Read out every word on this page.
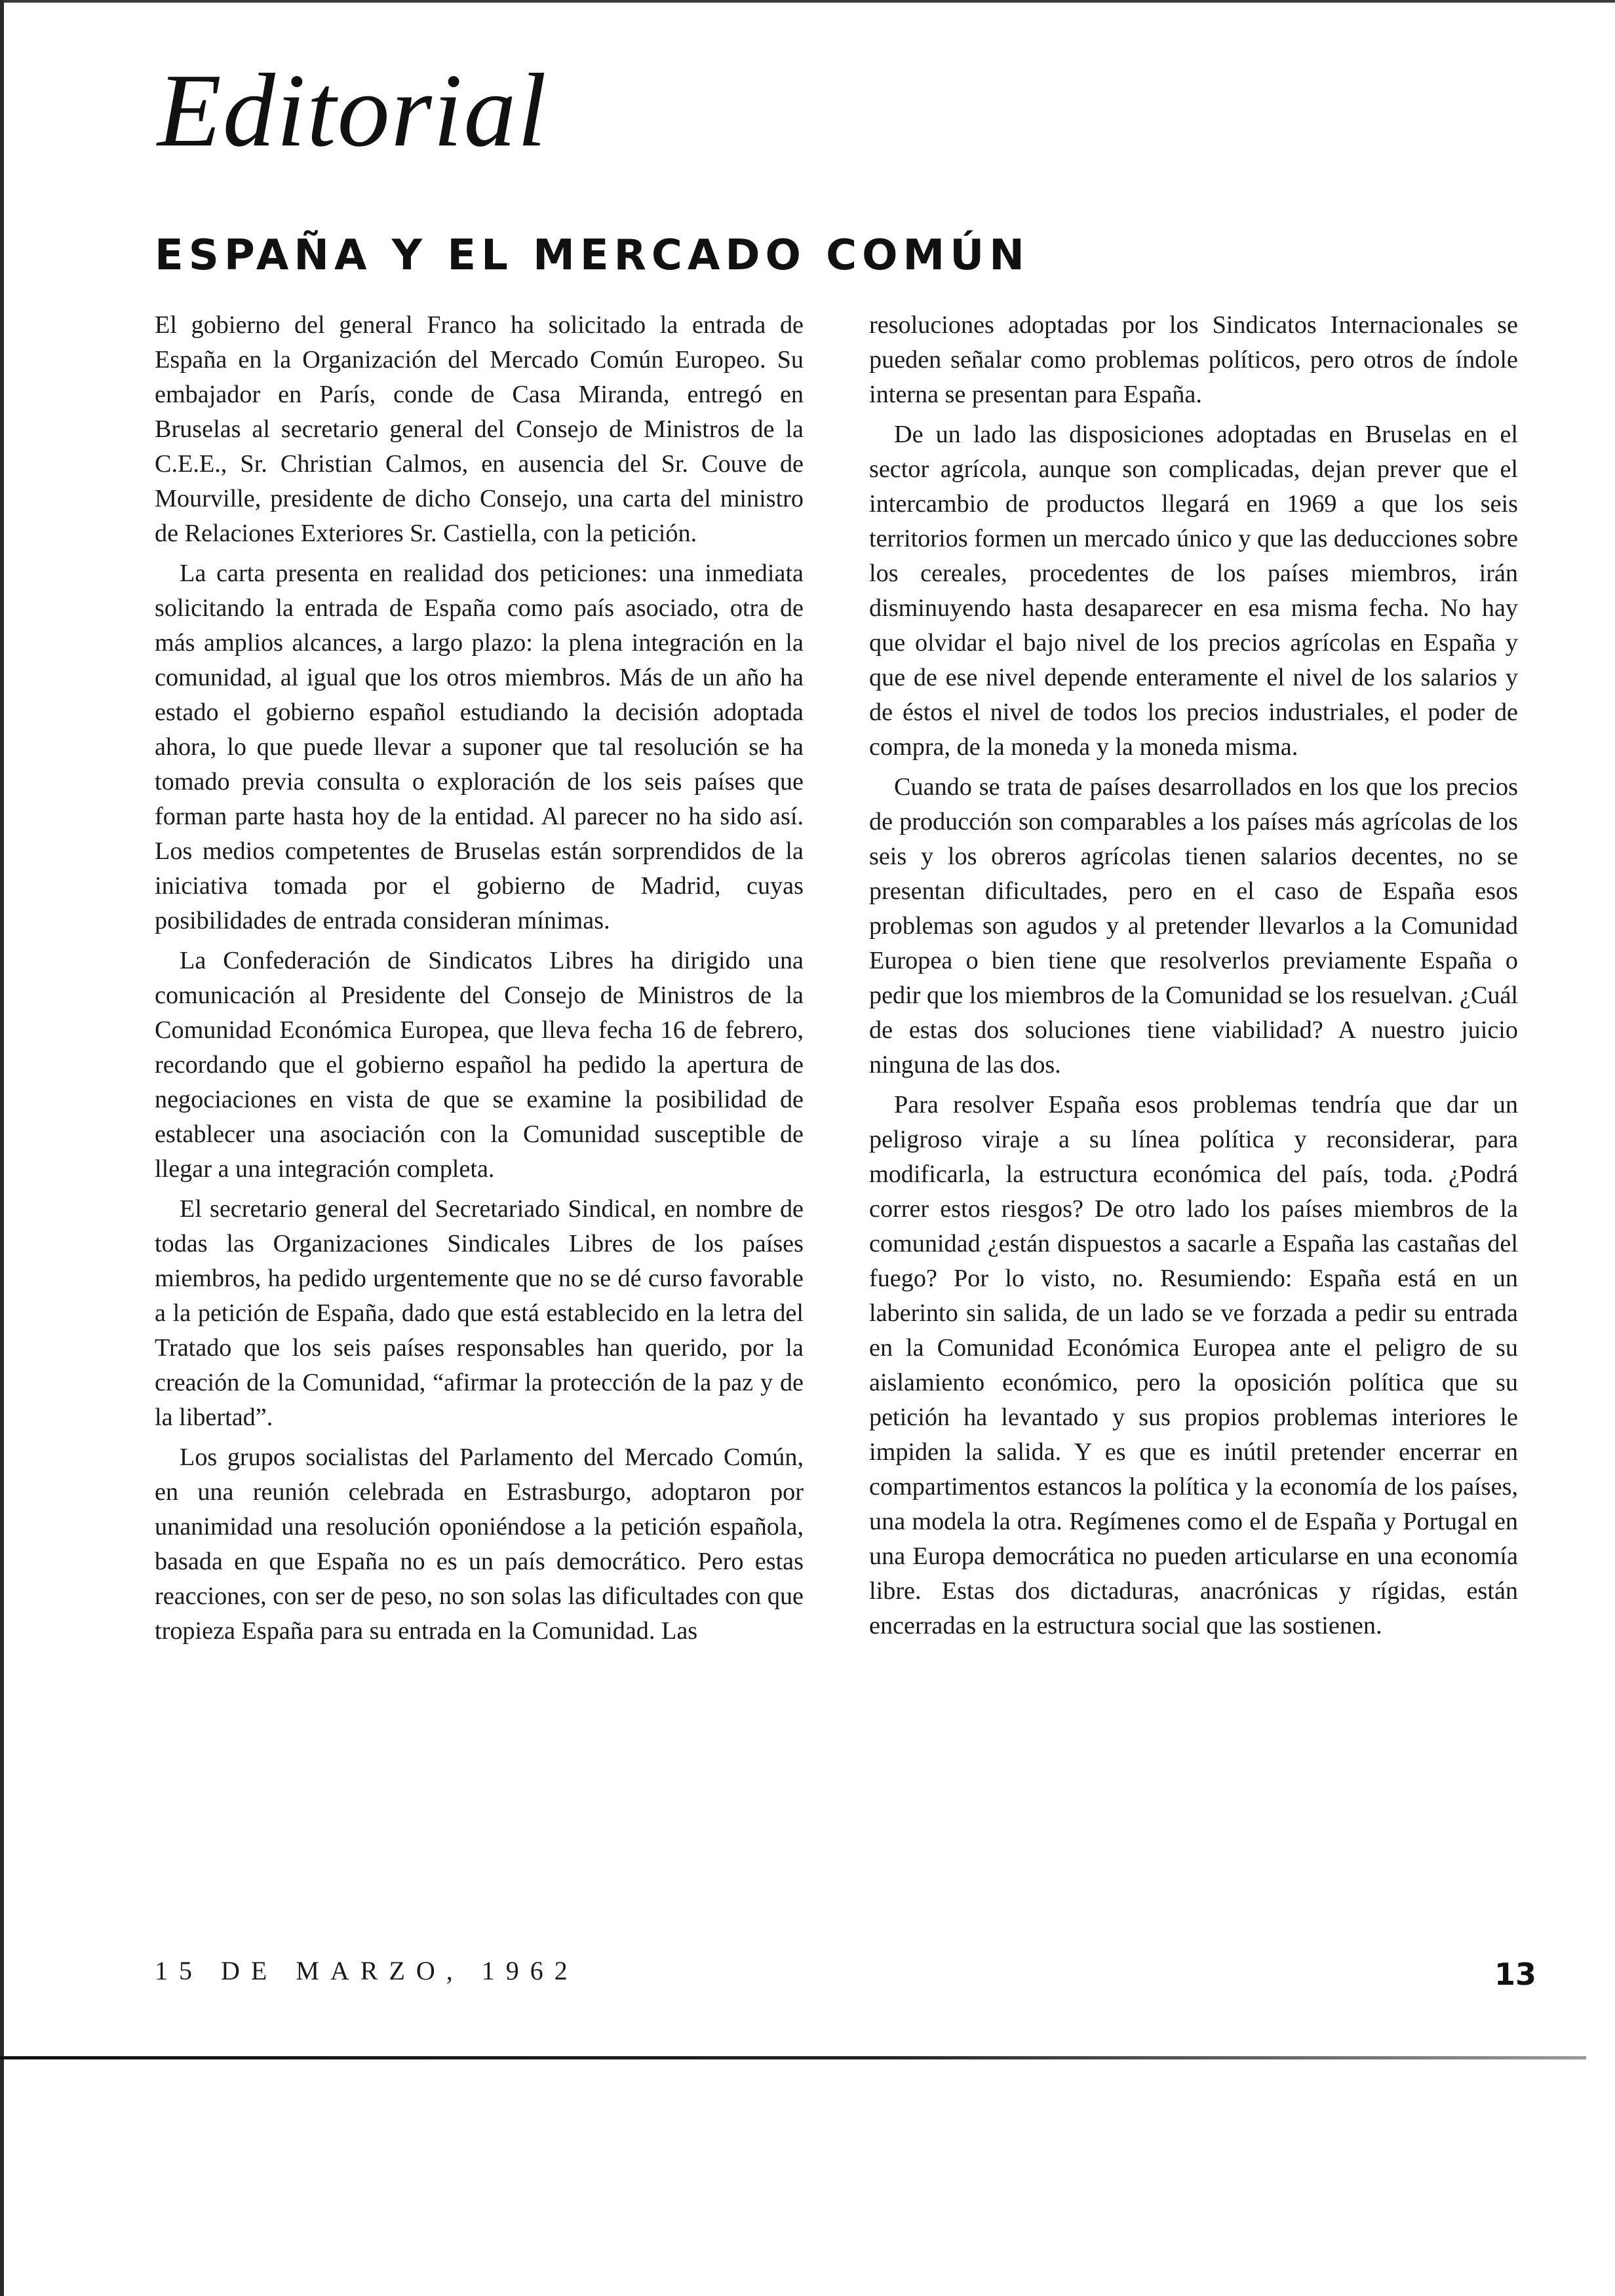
Editorial
ESPAÑA Y EL MERCADO COMÚN

El gobierno del general Franco ha solicitado la entrada de España en la Organización del Mercado Común Europeo. Su embajador en París, conde de Casa Miranda, entregó en Bruselas al secretario general del Consejo de Ministros de la C.E.E., Sr. Christian Calmos, en ausencia del Sr. Couve de Mourville, presidente de dicho Consejo, una carta del ministro de Relaciones Exteriores Sr. Castiella, con la petición.

La carta presenta en realidad dos peticiones: una inmediata solicitando la entrada de España como país asociado, otra de más amplios alcances, a largo plazo: la plena integración en la comunidad, al igual que los otros miembros. Más de un año ha estado el gobierno español estudiando la decisión adoptada ahora, lo que puede llevar a suponer que tal resolución se ha tomado previa consulta o exploración de los seis países que forman parte hasta hoy de la entidad. Al parecer no ha sido así. Los medios competentes de Bruselas están sorprendidos de la iniciativa tomada por el gobierno de Madrid, cuyas posibilidades de entrada consideran mínimas.

La Confederación de Sindicatos Libres ha dirigido una comunicación al Presidente del Consejo de Ministros de la Comunidad Económica Europea, que lleva fecha 16 de febrero, recordando que el gobierno español ha pedido la apertura de negociaciones en vista de que se examine la posibilidad de establecer una asociación con la Comunidad susceptible de llegar a una integración completa.

El secretario general del Secretariado Sindical, en nombre de todas las Organizaciones Sindicales Libres de los países miembros, ha pedido urgentemente que no se dé curso favorable a la petición de España, dado que está establecido en la letra del Tratado que los seis países responsables han querido, por la creación de la Comunidad, “afirmar la protección de la paz y de la libertad”.

Los grupos socialistas del Parlamento del Mercado Común, en una reunión celebrada en Estrasburgo, adoptaron por unanimidad una resolución oponiéndose a la petición española, basada en que España no es un país democrático. Pero estas reacciones, con ser de peso, no son solas las dificultades con que tropieza España para su entrada en la Comunidad. Las

resoluciones adoptadas por los Sindicatos Internacionales se pueden señalar como problemas políticos, pero otros de índole interna se presentan para España.

De un lado las disposiciones adoptadas en Bruselas en el sector agrícola, aunque son complicadas, dejan prever que el intercambio de productos llegará en 1969 a que los seis territorios formen un mercado único y que las deducciones sobre los cereales, procedentes de los países miembros, irán disminuyendo hasta desaparecer en esa misma fecha. No hay que olvidar el bajo nivel de los precios agrícolas en España y que de ese nivel depende enteramente el nivel de los salarios y de éstos el nivel de todos los precios industriales, el poder de compra, de la moneda y la moneda misma.

Cuando se trata de países desarrollados en los que los precios de producción son comparables a los países más agrícolas de los seis y los obreros agrícolas tienen salarios decentes, no se presentan dificultades, pero en el caso de España esos problemas son agudos y al pretender llevarlos a la Comunidad Europea o bien tiene que resolverlos previamente España o pedir que los miembros de la Comunidad se los resuelvan. ¿Cuál de estas dos soluciones tiene viabilidad? A nuestro juicio ninguna de las dos.

Para resolver España esos problemas tendría que dar un peligroso viraje a su línea política y reconsiderar, para modificarla, la estructura económica del país, toda. ¿Podrá correr estos riesgos? De otro lado los países miembros de la comunidad ¿están dispuestos a sacarle a España las castañas del fuego? Por lo visto, no. Resumiendo: España está en un laberinto sin salida, de un lado se ve forzada a pedir su entrada en la Comunidad Económica Europea ante el peligro de su aislamiento económico, pero la oposición política que su petición ha levantado y sus propios problemas interiores le impiden la salida. Y es que es inútil pretender encerrar en compartimentos estancos la política y la economía de los países, una modela la otra. Regímenes como el de España y Portugal en una Europa democrática no pueden articularse en una economía libre. Estas dos dictaduras, anacrónicas y rígidas, están encerradas en la estructura social que las sostienen.

15 DE MARZO, 1962	13
